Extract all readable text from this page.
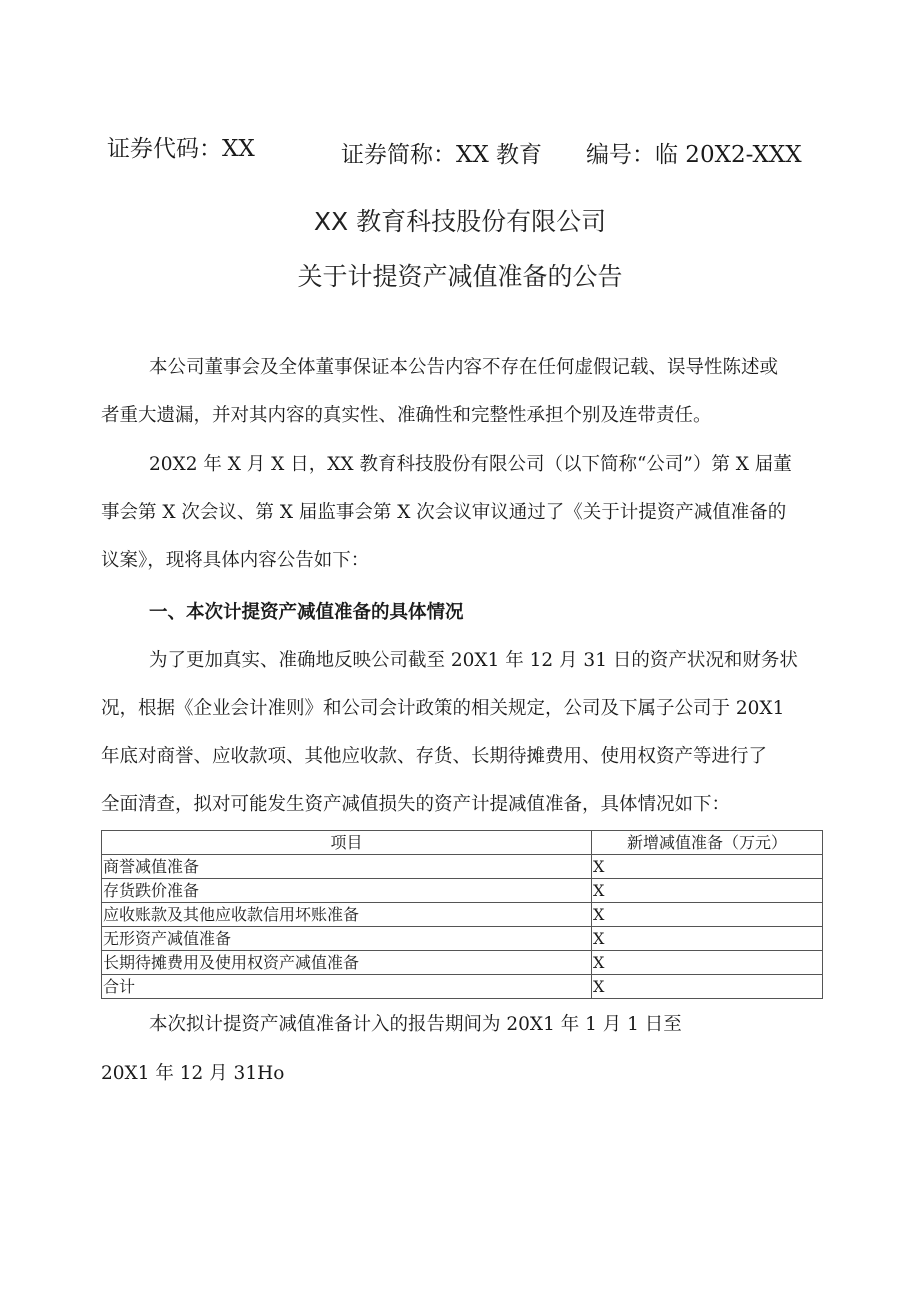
证券代码：XX	证券简称：XX 教育 编号：临 20X2-XXX
XX 教育科技股份有限公司
关于计提资产减值准备的公告
本公司董事会及全体董事保证本公告内容不存在任何虚假记载、误导性陈述或
者重大遗漏，并对其内容的真实性、准确性和完整性承担个别及连带责任。
20X2 年 X 月 X 日，XX 教育科技股份有限公司（以下简称“公司”）第 X 届董
事会第 X 次会议、第 X 届监事会第 X 次会议审议通过了《关于计提资产减值准备的
议案》，现将具体内容公告如下：
一、本次计提资产减值准备的具体情况
为了更加真实、准确地反映公司截至 20X1 年 12 月 31 日的资产状况和财务状
况，根据《企业会计准则》和公司会计政策的相关规定，公司及下属子公司于 20X1
年底对商誉、应收款项、其他应收款、存货、长期待摊费用、使用权资产等进行了
全面清查，拟对可能发生资产减值损失的资产计提减值准备，具体情况如下：
项目	新增减值准备（万元）
商誉减值准备	X
存货跌价准备	X
应收账款及其他应收款信用坏账准备	X
无形资产减值准备	X
长期待摊费用及使用权资产减值准备	X
合计	X
本次拟计提资产减值准备计入的报告期间为 20X1 年 1 月 1 日至
20X1 年 12 月 31Ho
